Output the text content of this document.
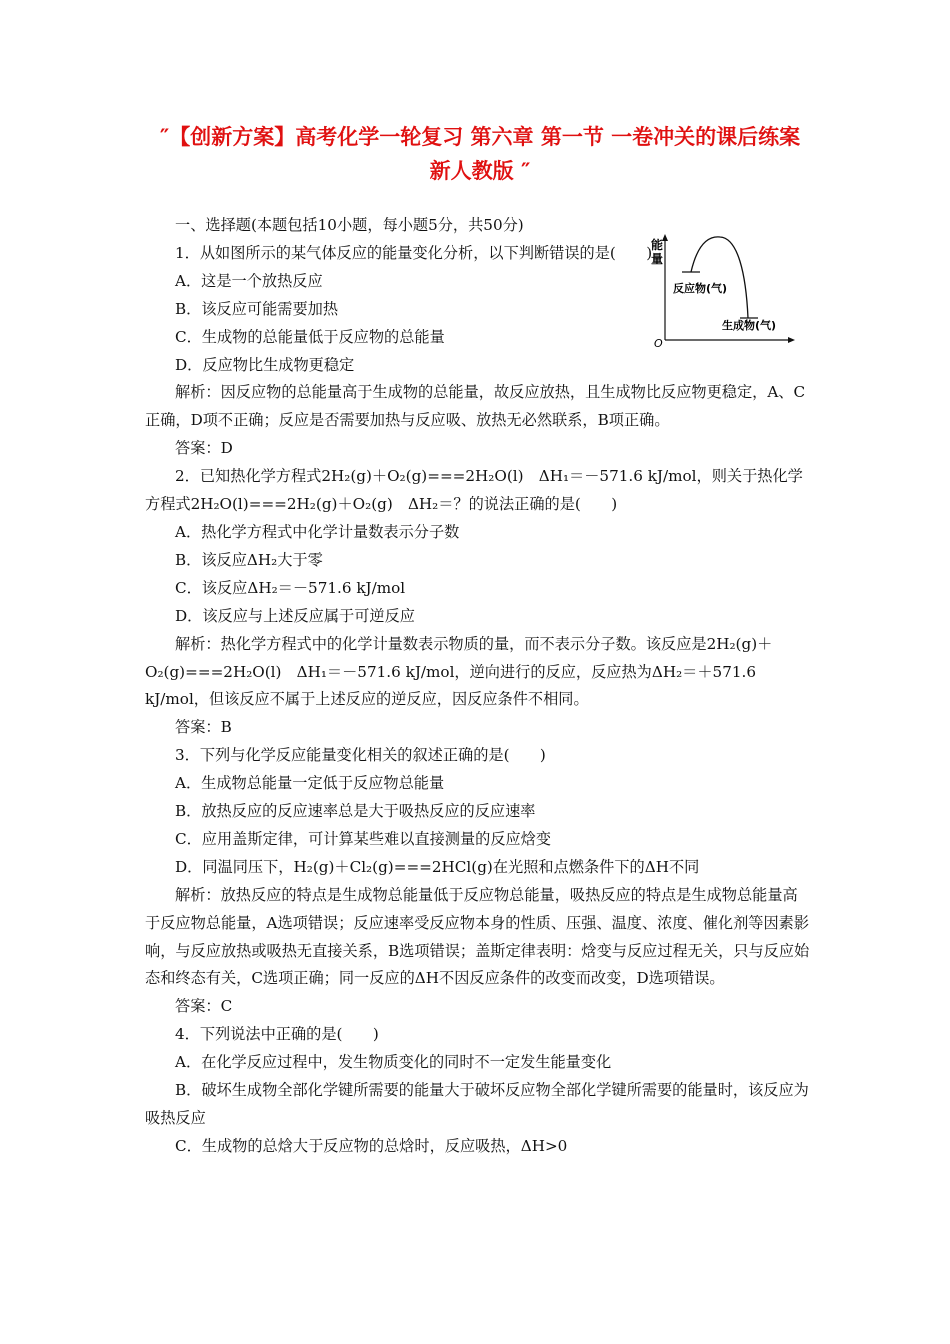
″【创新方案】高考化学一轮复习 第六章 第一节 一卷冲关的课后练案 新人教版 ″
能
量
O
反应物(气)
生成物(气)

一、选择题(本题包括10小题，每小题5分，共50分)

1．从如图所示的某气体反应的能量变化分析，以下判断错误的是(　　)

A．这是一个放热反应

B．该反应可能需要加热

C．生成物的总能量低于反应物的总能量

D．反应物比生成物更稳定

解析：因反应物的总能量高于生成物的总能量，故反应放热，且生成物比反应物更稳定，A、C正确，D项不正确；反应是否需要加热与反应吸、放热无必然联系，B项正确。

答案：D

2．已知热化学方程式2H₂(g)＋O₂(g)===2H₂O(l)　ΔH₁＝－571.6 kJ/mol，则关于热化学方程式2H₂O(l)===2H₂(g)＋O₂(g)　ΔH₂＝？的说法正确的是(　　)

A．热化学方程式中化学计量数表示分子数

B．该反应ΔH₂大于零

C．该反应ΔH₂＝－571.6 kJ/mol

D．该反应与上述反应属于可逆反应

解析：热化学方程式中的化学计量数表示物质的量，而不表示分子数。该反应是2H₂(g)＋O₂(g)===2H₂O(l)　ΔH₁＝－571.6 kJ/mol，逆向进行的反应，反应热为ΔH₂＝＋571.6 kJ/mol，但该反应不属于上述反应的逆反应，因反应条件不相同。

答案：B

3．下列与化学反应能量变化相关的叙述正确的是(　　)

A．生成物总能量一定低于反应物总能量

B．放热反应的反应速率总是大于吸热反应的反应速率

C．应用盖斯定律，可计算某些难以直接测量的反应焓变

D．同温同压下，H₂(g)＋Cl₂(g)===2HCl(g)在光照和点燃条件下的ΔH不同

解析：放热反应的特点是生成物总能量低于反应物总能量，吸热反应的特点是生成物总能量高于反应物总能量，A选项错误；反应速率受反应物本身的性质、压强、温度、浓度、催化剂等因素影响，与反应放热或吸热无直接关系，B选项错误；盖斯定律表明：焓变与反应过程无关，只与反应始态和终态有关，C选项正确；同一反应的ΔH不因反应条件的改变而改变，D选项错误。

答案：C

4．下列说法中正确的是(　　)

A．在化学反应过程中，发生物质变化的同时不一定发生能量变化

B．破坏生成物全部化学键所需要的能量大于破坏反应物全部化学键所需要的能量时，该反应为吸热反应

C．生成物的总焓大于反应物的总焓时，反应吸热，ΔH>0
